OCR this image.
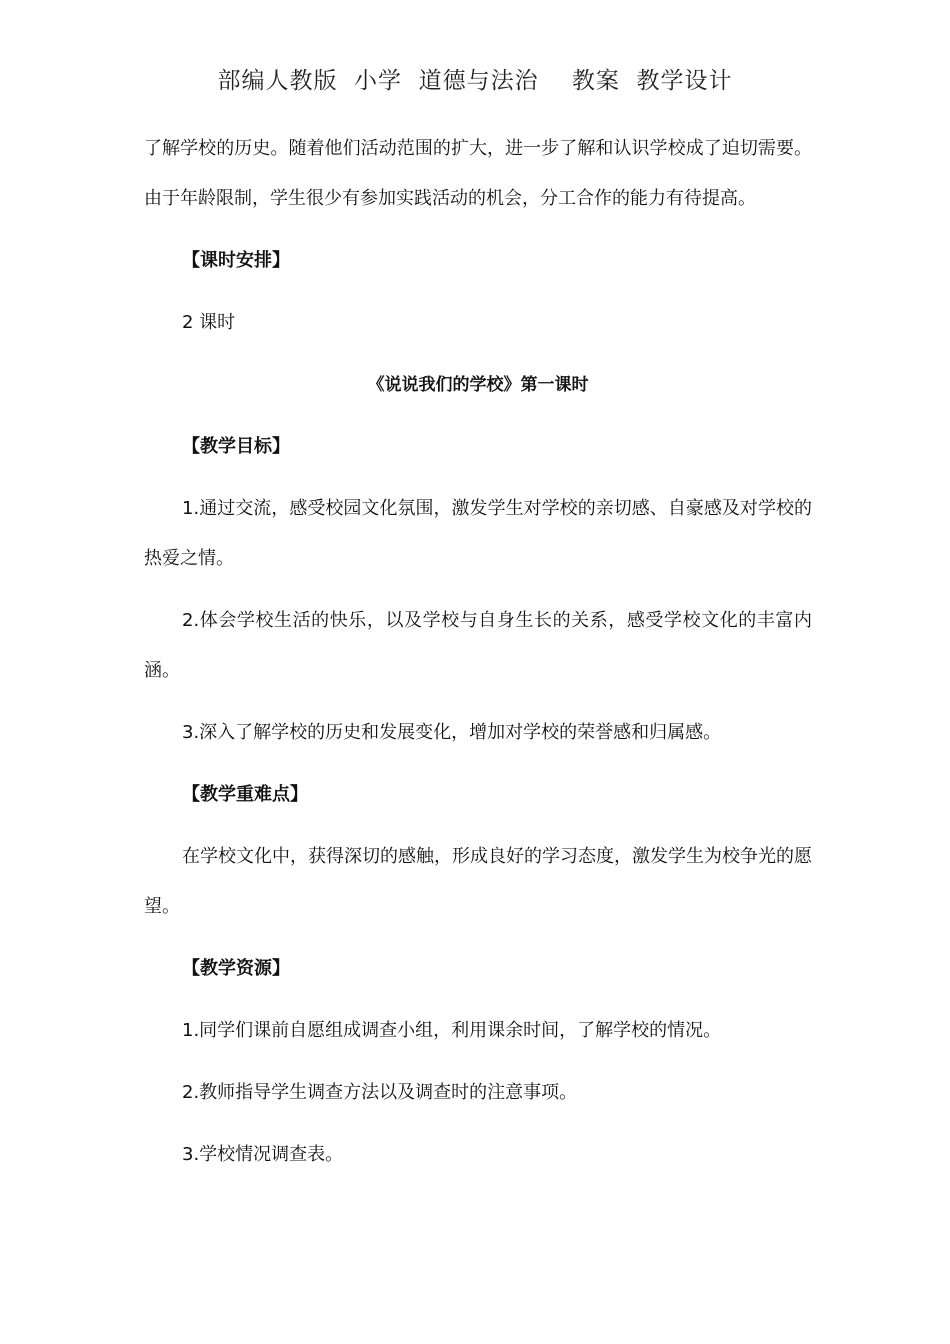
部编人教版  小学  道德与法治    教案  教学设计

了解学校的历史。随着他们活动范围的扩大，进一步了解和认识学校成了迫切需要。由于年龄限制，学生很少有参加实践活动的机会，分工合作的能力有待提高。

【课时安排】

2 课时

《说说我们的学校》第一课时

【教学目标】

1.通过交流，感受校园文化氛围，激发学生对学校的亲切感、自豪感及对学校的热爱之情。

2.体会学校生活的快乐，以及学校与自身生长的关系，感受学校文化的丰富内涵。

3.深入了解学校的历史和发展变化，增加对学校的荣誉感和归属感。

【教学重难点】

在学校文化中，获得深切的感触，形成良好的学习态度，激发学生为校争光的愿望。

【教学资源】

1.同学们课前自愿组成调查小组，利用课余时间，了解学校的情况。

2.教师指导学生调查方法以及调查时的注意事项。

3.学校情况调查表。
